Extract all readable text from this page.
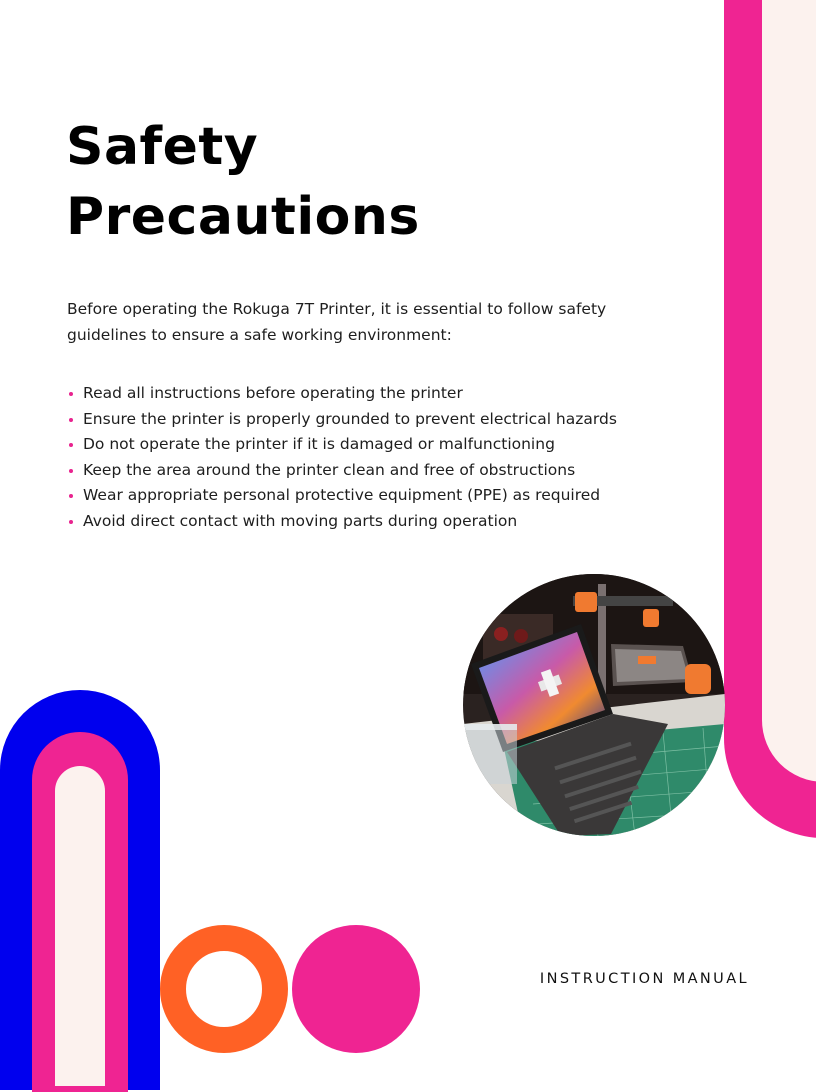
Safety
Precautions

Before operating the Rokuga 7T Printer, it is essential to follow safety guidelines to ensure a safe working environment:

Read all instructions before operating the printer
Ensure the printer is properly grounded to prevent electrical hazards
Do not operate the printer if it is damaged or malfunctioning
Keep the area around the printer clean and free of obstructions
Wear appropriate personal protective equipment (PPE) as required
Avoid direct contact with moving parts during operation
INSTRUCTION MANUAL
